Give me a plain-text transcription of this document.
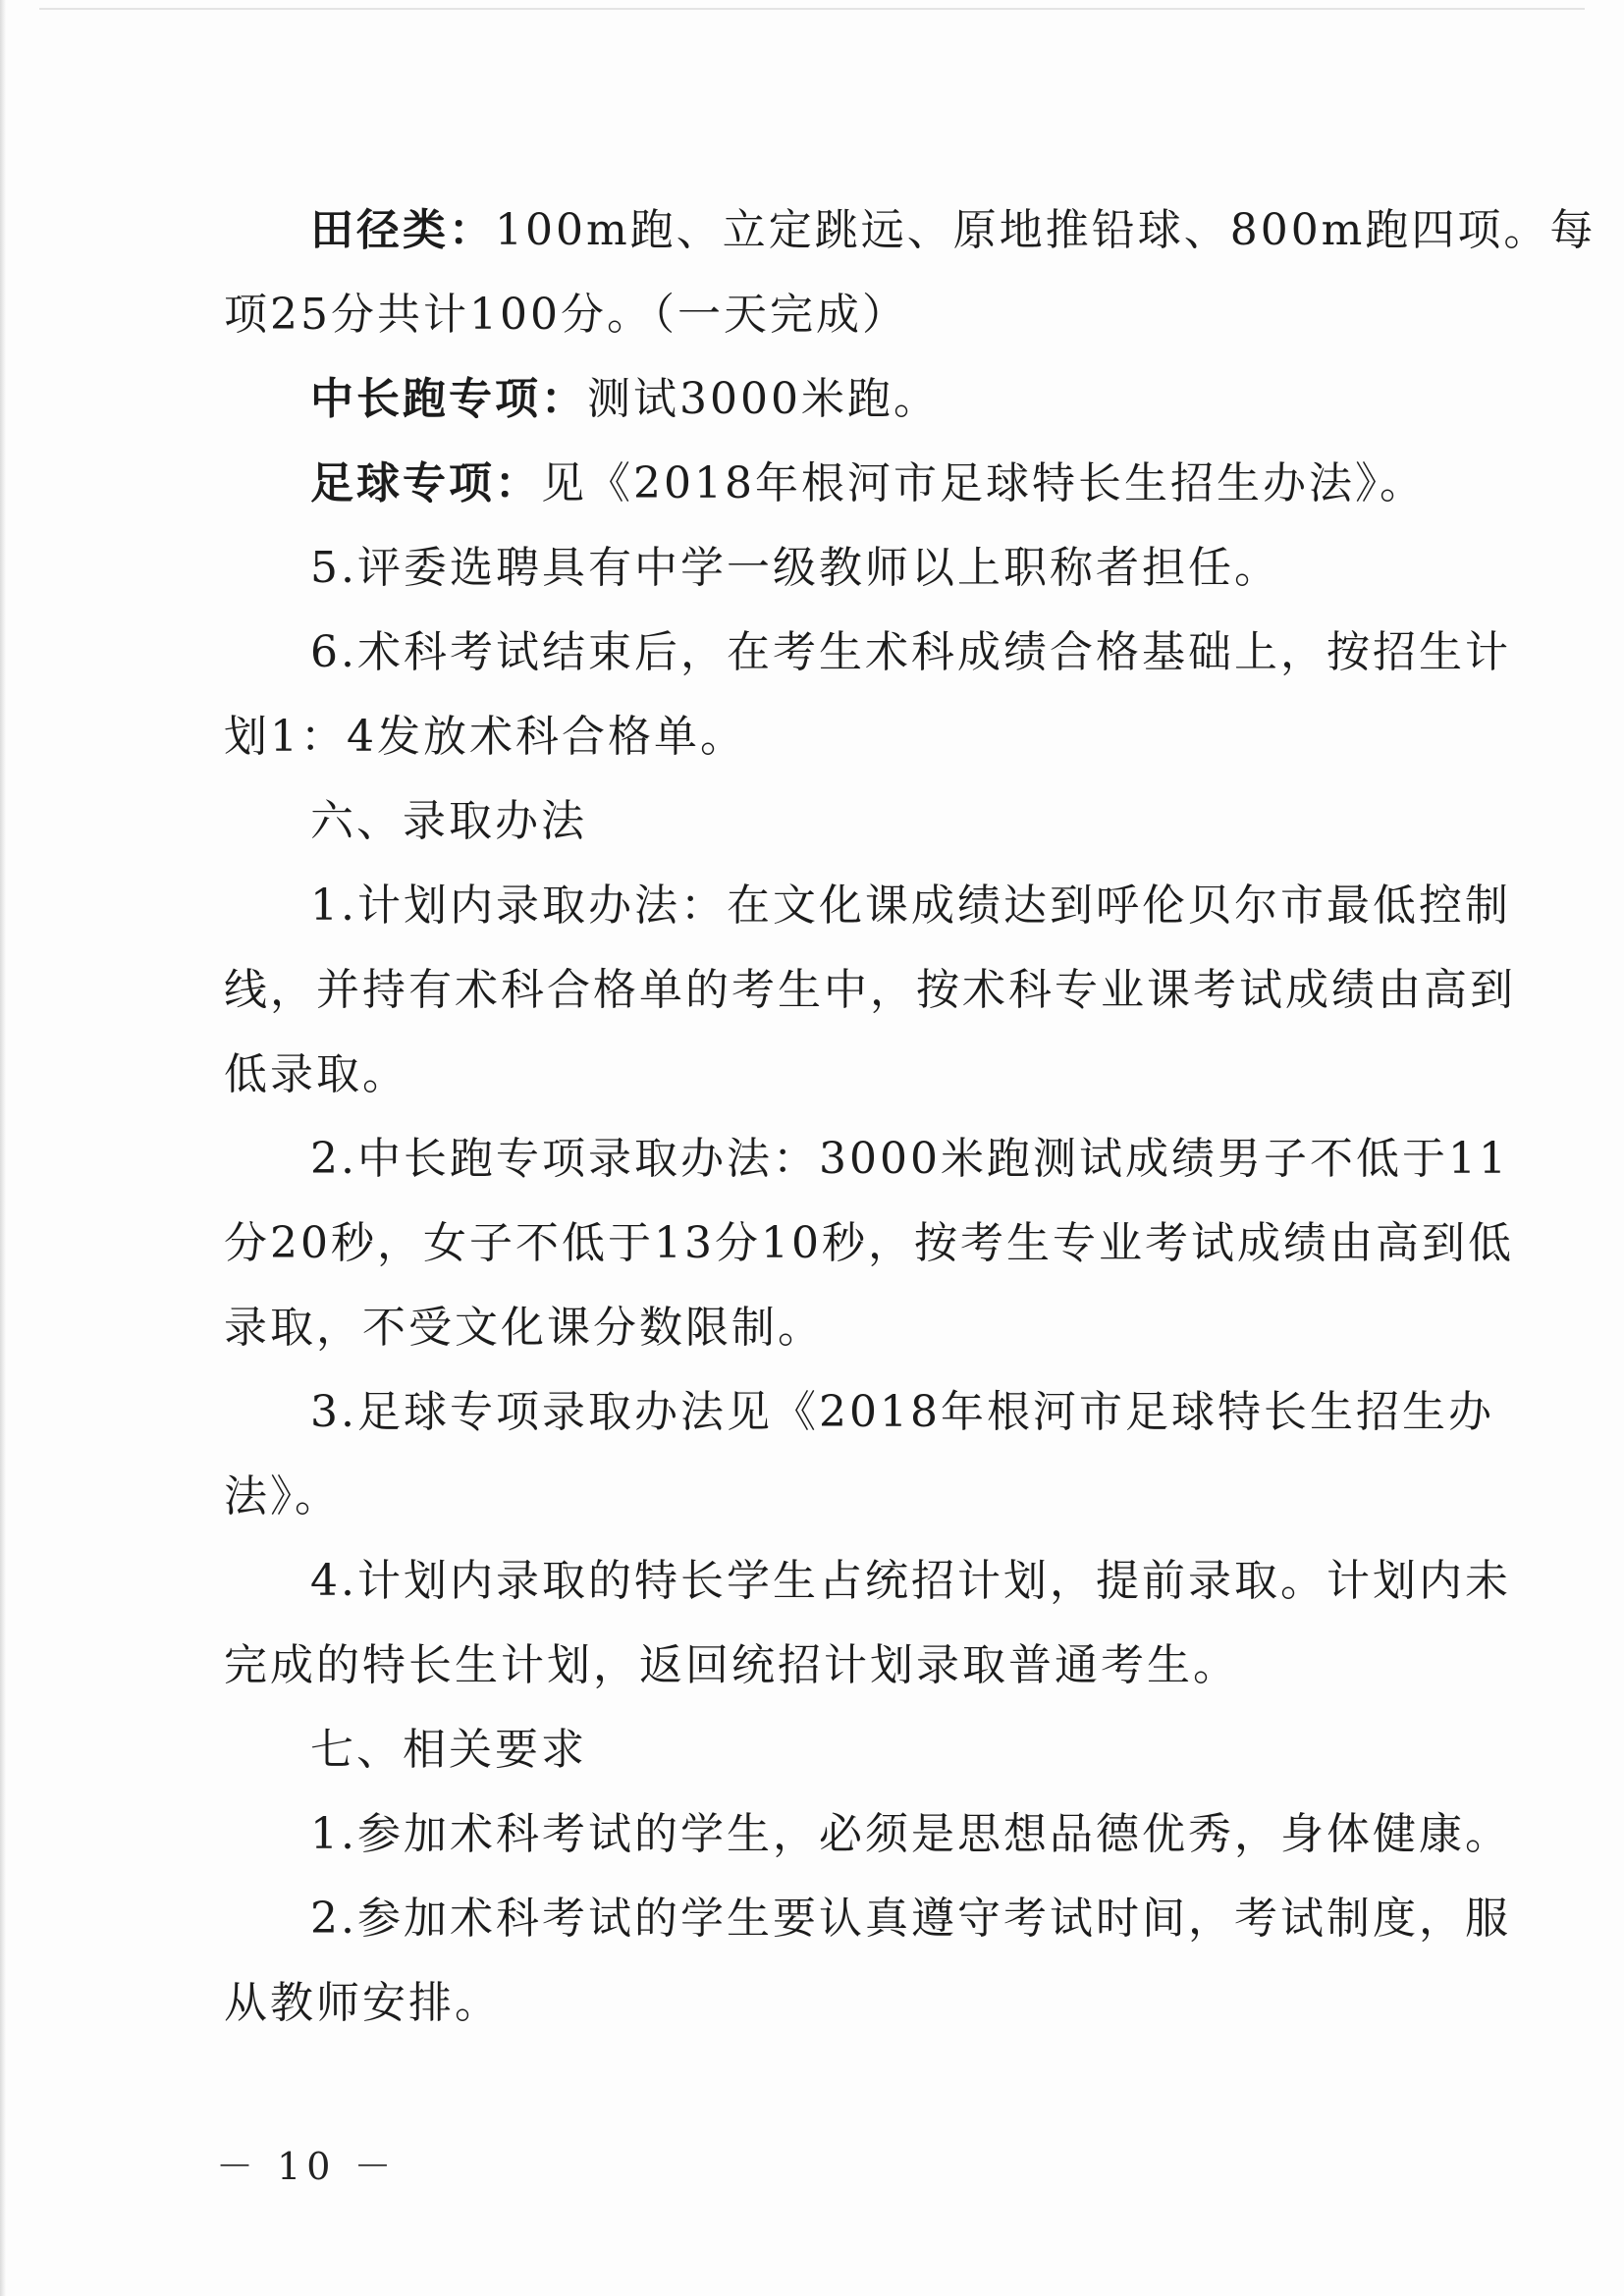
田径类：100m跑、立定跳远、原地推铅球、800m跑四项。每

项25分共计100分。（一天完成）

中长跑专项：测试3000米跑。

足球专项：见《2018年根河市足球特长生招生办法》。

5.评委选聘具有中学一级教师以上职称者担任。

6.术科考试结束后，在考生术科成绩合格基础上，按招生计

划1：4发放术科合格单。

六、录取办法

1.计划内录取办法：在文化课成绩达到呼伦贝尔市最低控制

线，并持有术科合格单的考生中，按术科专业课考试成绩由高到

低录取。

2.中长跑专项录取办法：3000米跑测试成绩男子不低于11

分20秒，女子不低于13分10秒，按考生专业考试成绩由高到低

录取，不受文化课分数限制。

3.足球专项录取办法见《2018年根河市足球特长生招生办

法》。

4.计划内录取的特长学生占统招计划，提前录取。计划内未

完成的特长生计划，返回统招计划录取普通考生。

七、相关要求

1.参加术科考试的学生，必须是思想品德优秀，身体健康。

2.参加术科考试的学生要认真遵守考试时间，考试制度，服

从教师安排。

－ 10 －
